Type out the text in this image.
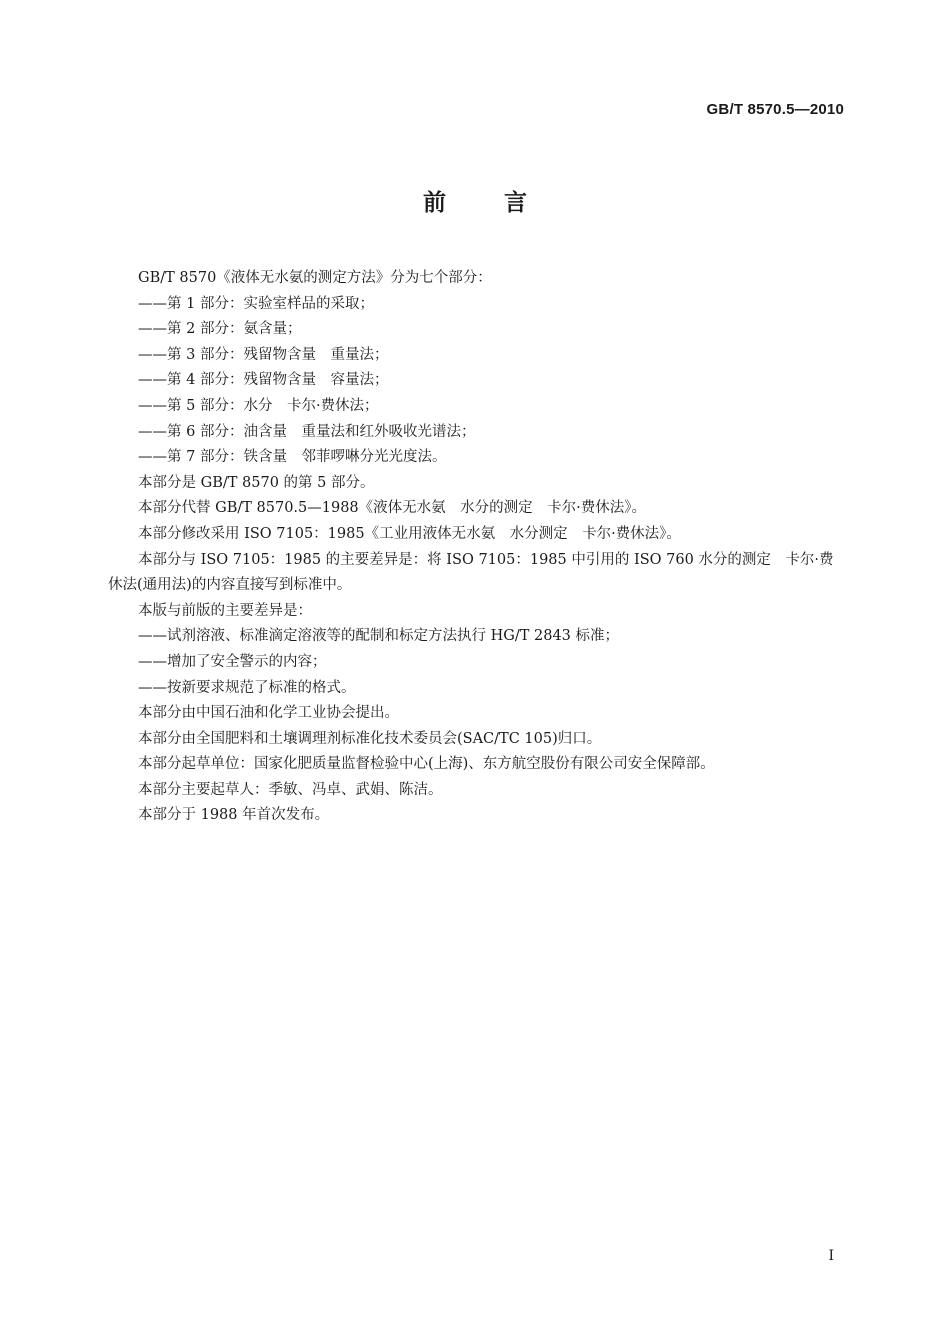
GB/T 8570.5—2010
前言

GB/T 8570《液体无水氨的测定方法》分为七个部分：

——第 1 部分：实验室样品的采取；

——第 2 部分：氨含量；

——第 3 部分：残留物含量　重量法；

——第 4 部分：残留物含量　容量法；

——第 5 部分：水分　卡尔·费休法；

——第 6 部分：油含量　重量法和红外吸收光谱法；

——第 7 部分：铁含量　邻菲啰啉分光光度法。

本部分是 GB/T 8570 的第 5 部分。

本部分代替 GB/T 8570.5—1988《液体无水氨　水分的测定　卡尔·费休法》。

本部分修改采用 ISO 7105：1985《工业用液体无水氨　水分测定　卡尔·费休法》。

本部分与 ISO 7105：1985 的主要差异是：将 ISO 7105：1985 中引用的 ISO 760 水分的测定　卡尔·费休法(通用法)的内容直接写到标准中。

本版与前版的主要差异是：

——试剂溶液、标准滴定溶液等的配制和标定方法执行 HG/T 2843 标准；

——增加了安全警示的内容；

——按新要求规范了标准的格式。

本部分由中国石油和化学工业协会提出。

本部分由全国肥料和土壤调理剂标准化技术委员会(SAC/TC 105)归口。

本部分起草单位：国家化肥质量监督检验中心(上海)、东方航空股份有限公司安全保障部。

本部分主要起草人：季敏、冯卓、武娟、陈洁。

本部分于 1988 年首次发布。

I
